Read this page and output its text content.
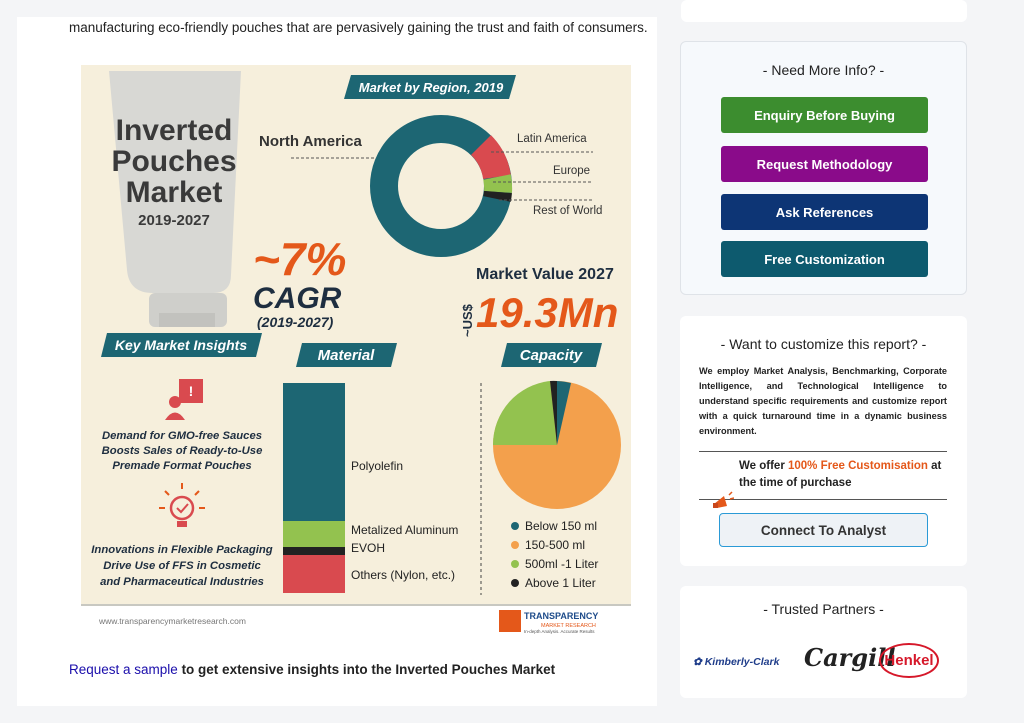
manufacturing eco-friendly pouches that are pervasively gaining the trust and faith of consumers.
Inverted
Pouches
Market
2019-2027
Market by Region, 2019
North America	Latin America
Europe
Rest of World
~7%
CAGR
(2019-2027)
Market Value 2027
~US$ 19.3Mn
Key Market Insights
Material	Capacity
!
Demand for GMO-free Sauces
Boosts Sales of Ready-to-Use
Premade Format Pouches
Innovations in Flexible Packaging
Drive Use of FFS in Cosmetic
and Pharmaceutical Industries
Polyolefin
Metalized Aluminum
EVOH
Others (Nylon, etc.)
Below 150 ml
150-500 ml
500ml -1 Liter
Above 1 Liter
www.transparencymarketresearch.com	TRANSPARENCY
MARKET RESEARCH
In-depth Analysis. Accurate Results
Request a sample to get extensive insights into the Inverted Pouches Market
- Need More Info? -
Enquiry Before Buying
Request Methodology
Ask References
Free Customization
- Want to customize this report? -
We employ Market Analysis, Benchmarking, Corporate Intelligence, and Technological Intelligence to understand specific requirements and customize report with a quick turnaround time in a dynamic business environment.
We offer 100% Free Customisation at the time of purchase
Connect To Analyst
- Trusted Partners -
✿ Kimberly-Clark Cargill
Henkel
